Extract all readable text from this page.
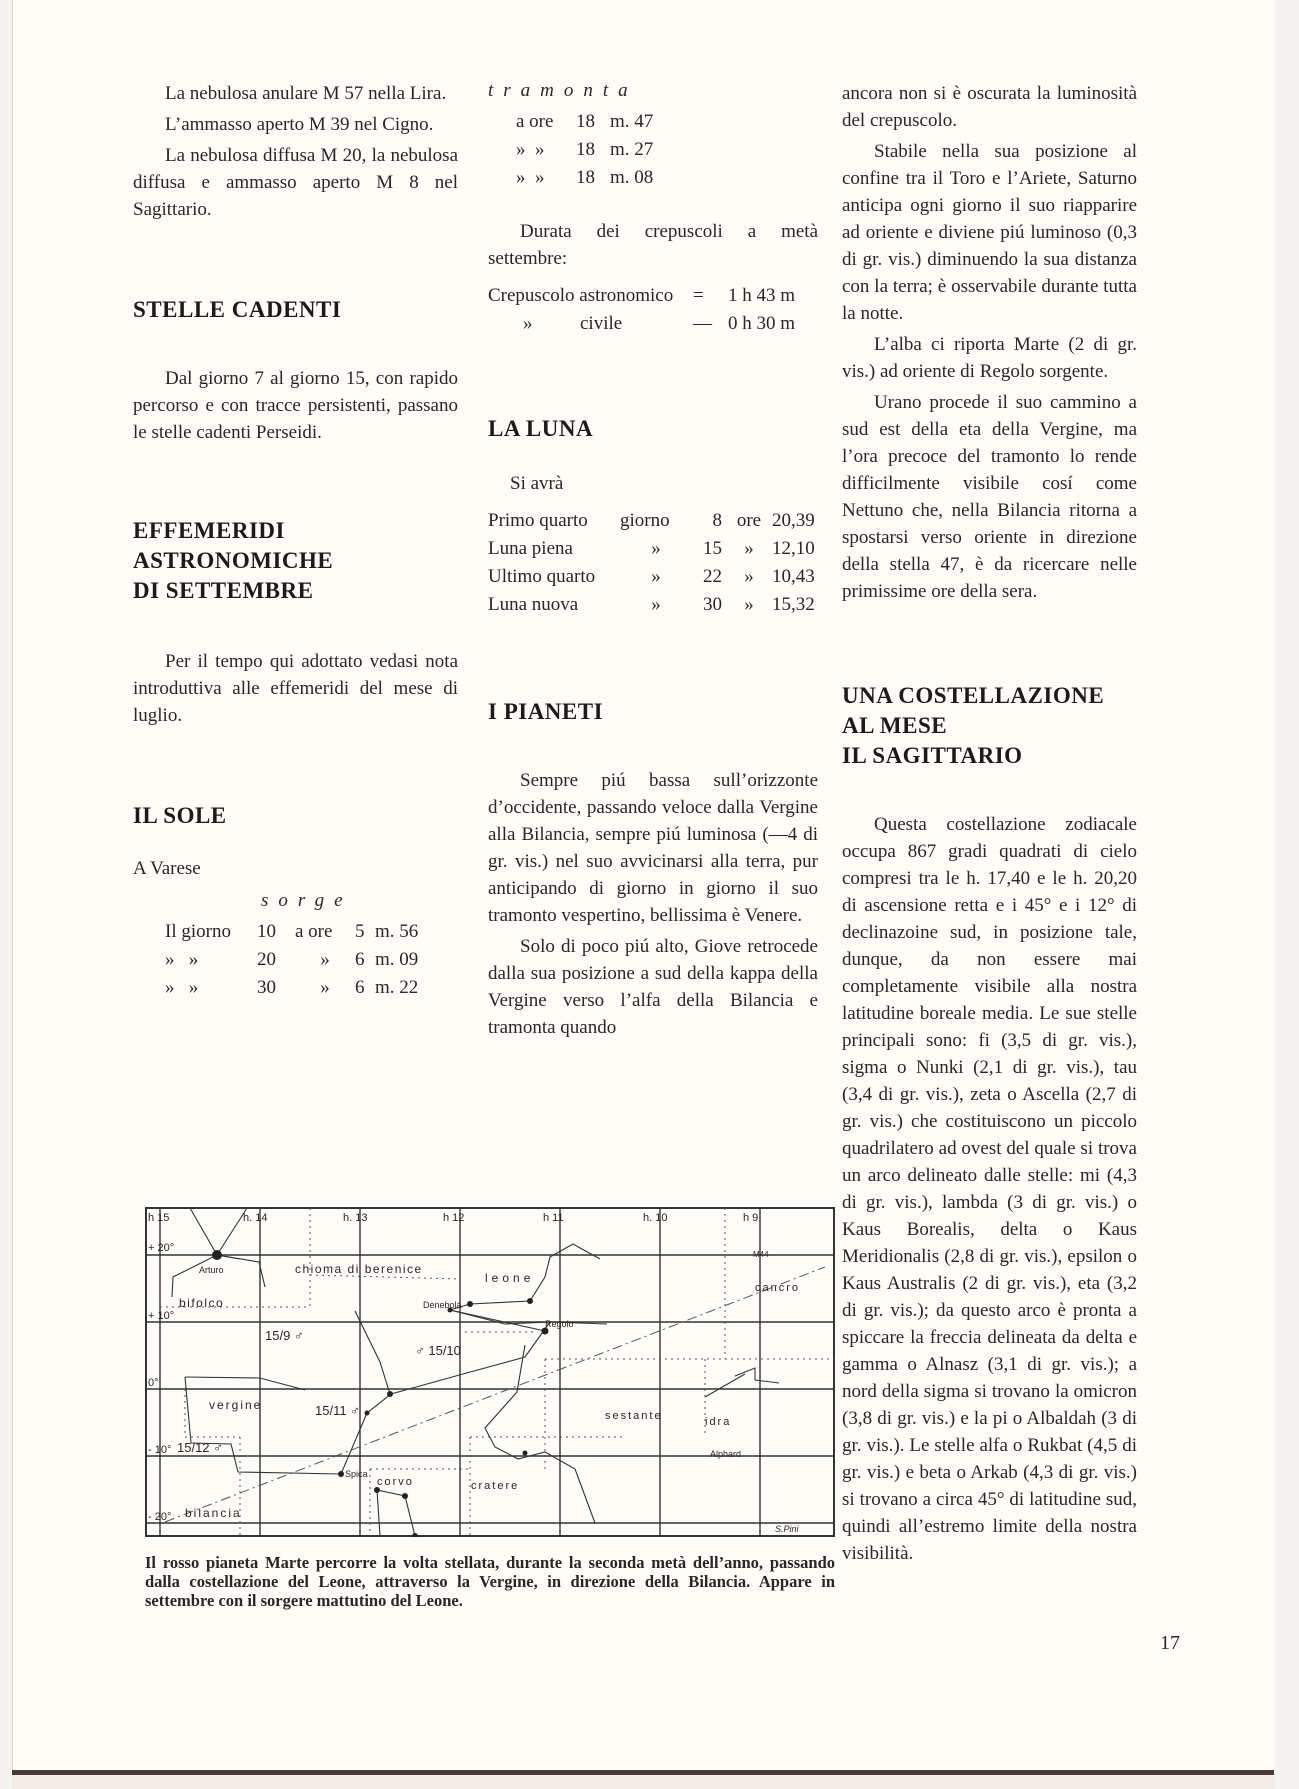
La nebulosa anulare M 57 nella Lira.

L’ammasso aperto M 39 nel Cigno.

La nebulosa diffusa M 20, la nebulosa diffusa e ammasso aperto M 8 nel Sagittario.

STELLE CADENTI

Dal giorno 7 al giorno 15, con rapido percorso e con tracce persistenti, passano le stelle cadenti Perseidi.

EFFEMERIDI
ASTRONOMICHE
DI SETTEMBRE

Per il tempo qui adottato vedasi nota introduttiva alle effemeridi del mese di luglio.

IL SOLE

A Varese

sorge
Il giorno	10	a ore	5 m. 56
»   »	20	»	6 m. 09
»   »	30	»	6 m. 22
tramonta
a ore	18 m. 47
»  »	18 m. 27
»  »	18 m. 08

Durata dei crepuscoli a metà settembre:

Crepuscolo astronomico	=	1 h 43 m
»          civile	— 0 h 30 m
LA LUNA

Si avrà

Primo quarto	giorno	8 ore 20,39
Luna piena	»	15	» 12,10
Ultimo quarto	»	22	» 10,43
Luna nuova	»	30	» 15,32
I PIANETI

Sempre piú bassa sull’orizzonte d’occidente, passando veloce dalla Vergine alla Bilancia, sempre piú luminosa (—4 di gr. vis.) nel suo avvicinarsi alla terra, pur anticipando di giorno in giorno il suo tramonto vespertino, bellissima è Venere.

Solo di poco piú alto, Giove retrocede dalla sua posizione a sud della kappa della Vergine verso l’alfa della Bilancia e tramonta quando

ancora non si è oscurata la luminosità del crepuscolo.

Stabile nella sua posizione al confine tra il Toro e l’Ariete, Saturno anticipa ogni giorno il suo riapparire ad oriente e diviene piú luminoso (0,3 di gr. vis.) diminuendo la sua distanza con la terra; è osservabile durante tutta la notte.

L’alba ci riporta Marte (2 di gr. vis.) ad oriente di Regolo sorgente.

Urano procede il suo cammino a sud est della eta della Vergine, ma l’ora precoce del tramonto lo rende difficilmente visibile cosí come Nettuno che, nella Bilancia ritorna a spostarsi verso oriente in direzione della stella 47, è da ricercare nelle primissime ore della sera.

UNA COSTELLAZIONE
AL MESE
IL SAGITTARIO

Questa costellazione zodiacale occupa 867 gradi quadrati di cielo compresi tra le h. 17,40 e le h. 20,20 di ascensione retta e i 45° e i 12° di declinazoine sud, in posizione tale, dunque, da non essere mai completamente visibile alla nostra latitudine boreale media. Le sue stelle principali sono: fi (3,5 di gr. vis.), sigma o Nunki (2,1 di gr. vis.), tau (3,4 di gr. vis.), zeta o Ascella (2,7 di gr. vis.) che costituiscono un piccolo quadrilatero ad ovest del quale si trova un arco delineato dalle stelle: mi (4,3 di gr. vis.), lambda (3 di gr. vis.) o Kaus Borealis, delta o Kaus Meridionalis (2,8 di gr. vis.), epsilon o Kaus Australis (2 di gr. vis.), eta (3,2 di gr. vis.); da questo arco è pronta a spiccare la freccia delineata da delta e gamma o Alnasz (3,1 di gr. vis.); a nord della sigma si trovano la omicron (3,8 di gr. vis.) e la pi o Albaldah (3 di gr. vis.). Le stelle alfa o Rukbat (4,5 di gr. vis.) e beta o Arkab (4,3 di gr. vis.) si trovano a circa 45° di latitudine sud, quindi all’estremo limite della nostra visibilità.

h 15	h. 14	h. 13	h 12	h 11	h. 10	h 9
+ 20°
+ 10°
0°
- 10°
- 20°
Arturo
bifolco
chioma di berenice
Denebola
leone
Regolo
M44
cancro
vergine
Spica
bilancia
sestante	idra
Alphard
corvo	cratere
15/9 ♂
15/11 ♂
15/12 ♂
♂ 15/10
S.Pini
Il rosso pianeta Marte percorre la volta stellata, durante la seconda metà dell’anno, passando dalla costellazione del Leone, attraverso la Vergine, in direzione della Bilancia. Appare in settembre con il sorgere mattutino del Leone.
17
